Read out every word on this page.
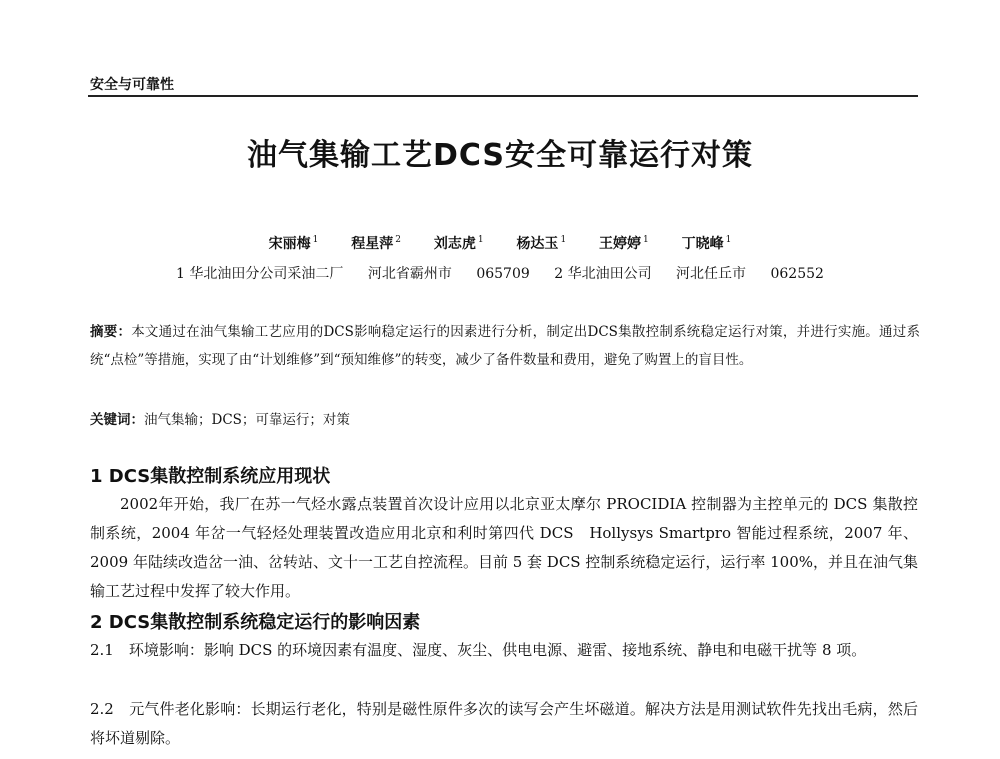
安全与可靠性
油气集输工艺DCS安全可靠运行对策
宋丽梅 $^1$ 程星萍 $^2$ 刘志虎 $^1$ 杨达玉 $^1$ 王婷婷 $^1$ 丁晓峰 $^1$
1 华北油田分公司采油二厂 河北省霸州市 065709 2 华北油田公司 河北任丘市 062552
摘要：本文通过在油气集输工艺应用的DCS影响稳定运行的因素进行分析，制定出DCS集散控制系统稳定运行对策，并进行实施。通过系统“点检”等措施，实现了由“计划维修”到“预知维修”的转变，减少了备件数量和费用，避免了购置上的盲目性。
关键词：油气集输；DCS；可靠运行；对策
1 DCS集散控制系统应用现状
2002年开始，我厂在苏一气烃水露点装置首次设计应用以北京亚太摩尔 PROCIDIA 控制器为主控单元的 DCS 集散控制系统，2004 年岔一气轻烃处理装置改造应用北京和利时第四代 DCS　Hollysys Smartpro 智能过程系统，2007 年、2009 年陆续改造岔一油、岔转站、文十一工艺自控流程。目前 5 套 DCS 控制系统稳定运行，运行率 100%，并且在油气集输工艺过程中发挥了较大作用。
2 DCS集散控制系统稳定运行的影响因素
2.1　环境影响：影响 DCS 的环境因素有温度、湿度、灰尘、供电电源、避雷、接地系统、静电和电磁干扰等 8 项。
2.2　元气件老化影响：长期运行老化，特别是磁性原件多次的读写会产生坏磁道。解决方法是用测试软件先找出毛病，然后将坏道剔除。
